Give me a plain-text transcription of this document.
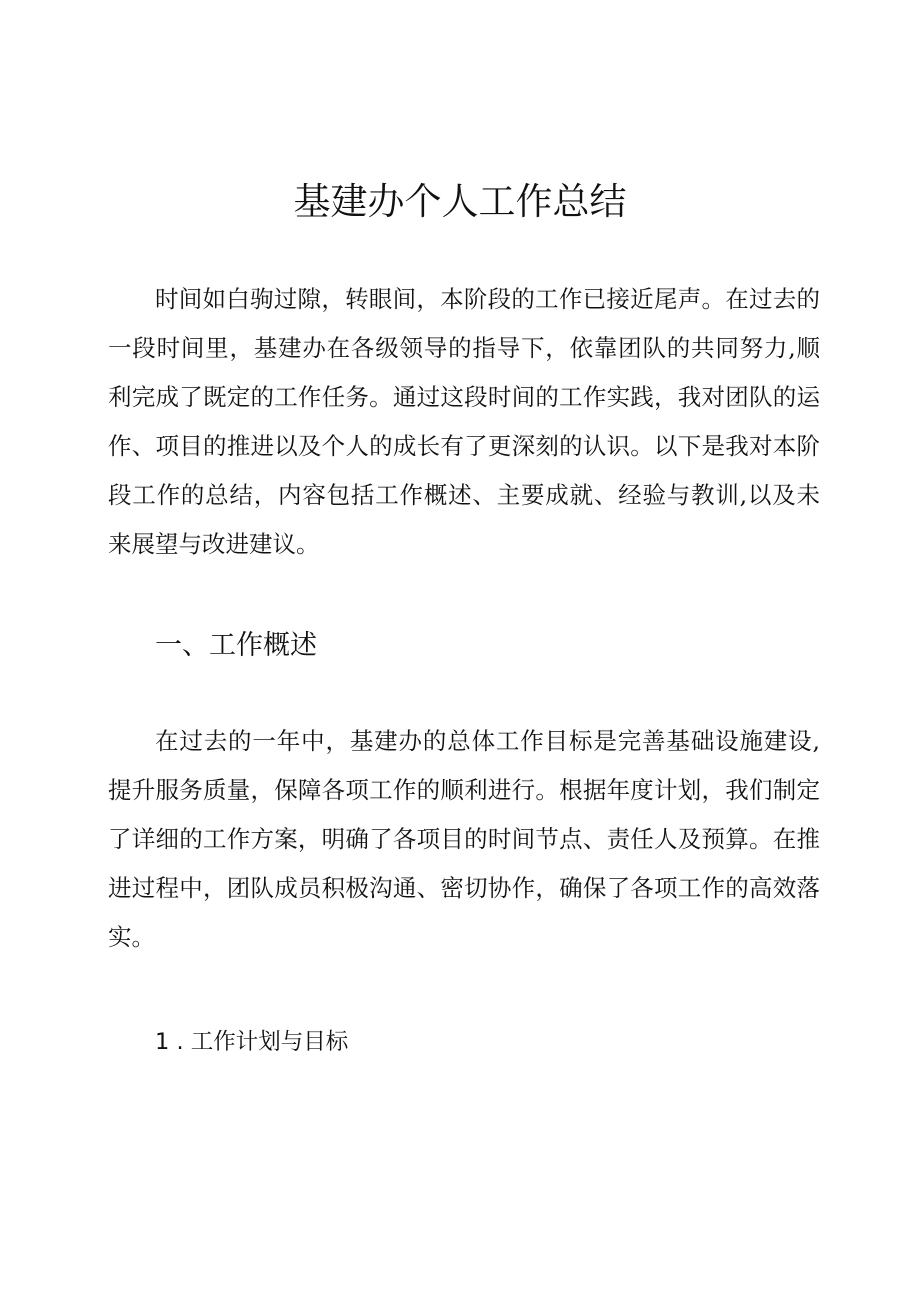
基建办个人工作总结

时间如白驹过隙，转眼间，本阶段的工作已接近尾声。在过去的一段时间里，基建办在各级领导的指导下，依靠团队的共同努力,顺利完成了既定的工作任务。通过这段时间的工作实践，我对团队的运作、项目的推进以及个人的成长有了更深刻的认识。以下是我对本阶段工作的总结，内容包括工作概述、主要成就、经验与教训,以及未来展望与改进建议。

一、工作概述

在过去的一年中，基建办的总体工作目标是完善基础设施建设,提升服务质量，保障各项工作的顺利进行。根据年度计划，我们制定了详细的工作方案，明确了各项目的时间节点、责任人及预算。在推进过程中，团队成员积极沟通、密切协作，确保了各项工作的高效落实。

1 . 工作计划与目标
